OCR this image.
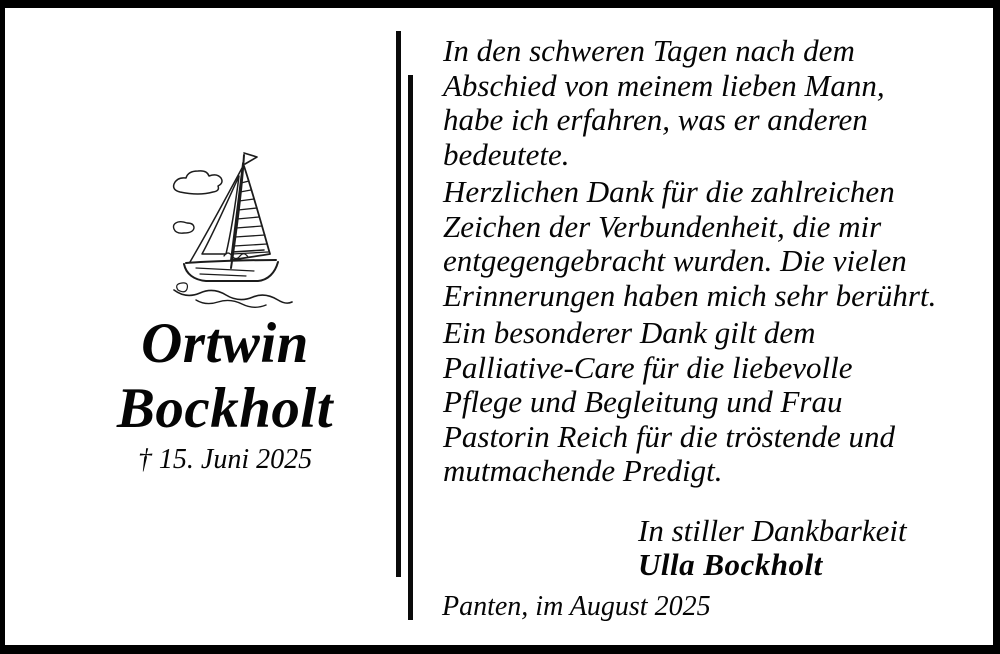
Ortwin
Bockholt
† 15. Juni 2025

In den schweren Tagen nach dem
Abschied von meinem lieben Mann,
habe ich erfahren, was er anderen
bedeutete.

Herzlichen Dank für die zahlreichen
Zeichen der Verbundenheit, die mir
entgegengebracht wurden. Die vielen
Erinnerungen haben mich sehr berührt.

Ein besonderer Dank gilt dem
Palliative-Care für die liebevolle
Pflege und Begleitung und Frau
Pastorin Reich für die tröstende und
mutmachende Predigt.

In stiller Dankbarkeit
Ulla Bockholt
Panten, im August 2025
